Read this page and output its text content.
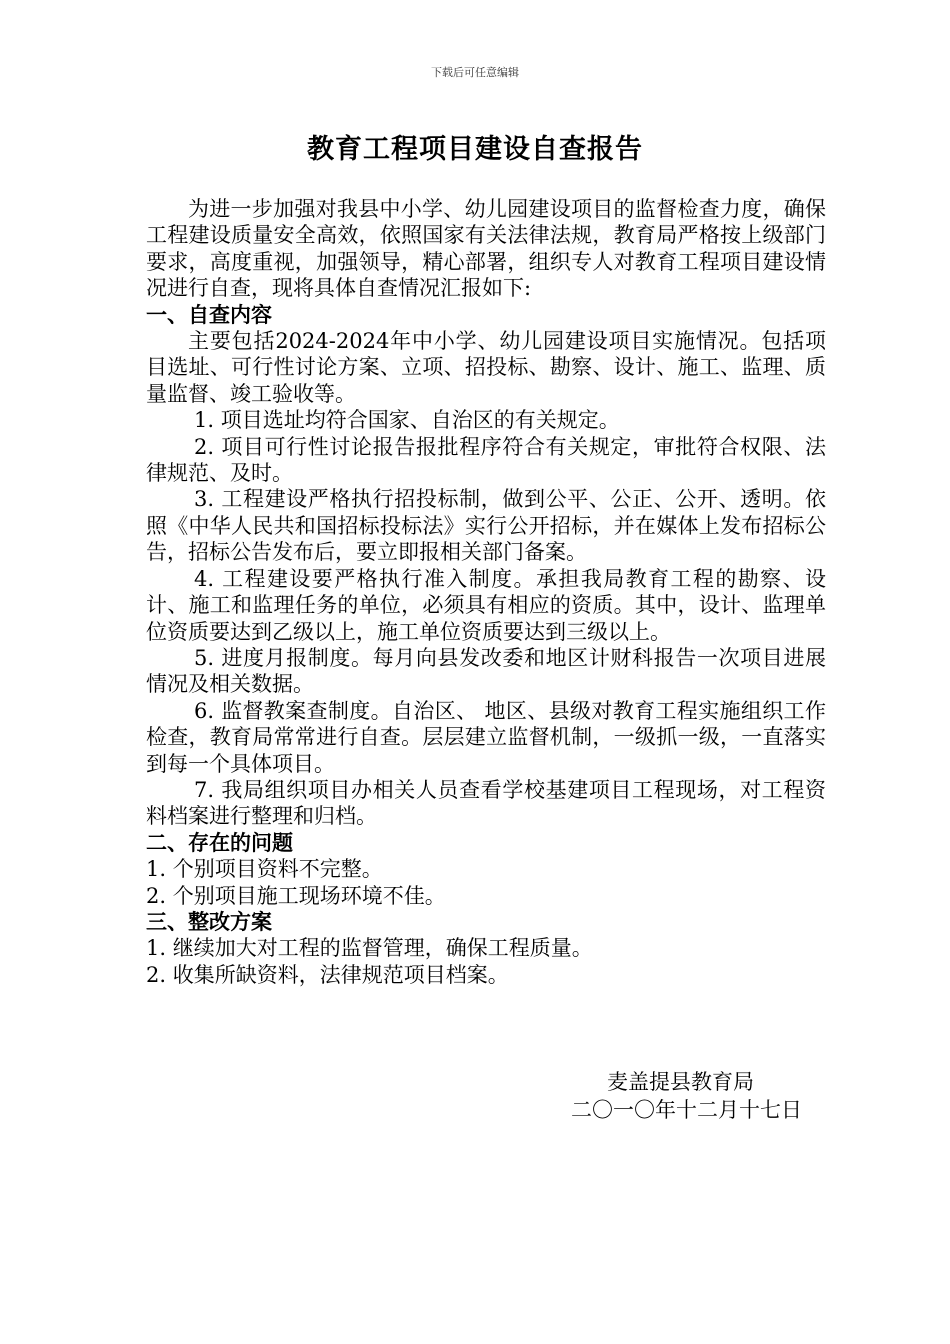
下载后可任意编辑
教育工程项目建设自查报告

为进一步加强对我县中小学、幼儿园建设项目的监督检查力度，确保工程建设质量安全高效，依照国家有关法律法规，教育局严格按上级部门要求，高度重视，加强领导，精心部署，组织专人对教育工程项目建设情况进行自查，现将具体自查情况汇报如下:

一、自查内容

主要包括2024-2024年中小学、幼儿园建设项目实施情况。包括项目选址、可行性讨论方案、立项、招投标、勘察、设计、施工、监理、质量监督、竣工验收等。

1. 项目选址均符合国家、自治区的有关规定。

2. 项目可行性讨论报告报批程序符合有关规定，审批符合权限、法律规范、及时。

3. 工程建设严格执行招投标制，做到公平、公正、公开、透明。依照《中华人民共和国招标投标法》实行公开招标，并在媒体上发布招标公告，招标公告发布后，要立即报相关部门备案。

4. 工程建设要严格执行准入制度。承担我局教育工程的勘察、设计、施工和监理任务的单位，必须具有相应的资质。其中，设计、监理单位资质要达到乙级以上，施工单位资质要达到三级以上。

5. 进度月报制度。每月向县发改委和地区计财科报告一次项目进展情况及相关数据。

6. 监督教案查制度。自治区、 地区、县级对教育工程实施组织工作检查，教育局常常进行自查。层层建立监督机制，一级抓一级，一直落实到每一个具体项目。

7. 我局组织项目办相关人员查看学校基建项目工程现场，对工程资料档案进行整理和归档。

二、存在的问题

1. 个别项目资料不完整。

2. 个别项目施工现场环境不佳。

三、整改方案

1. 继续加大对工程的监督管理，确保工程质量。

2. 收集所缺资料，法律规范项目档案。

麦盖提县教育局
二〇一〇年十二月十七日
